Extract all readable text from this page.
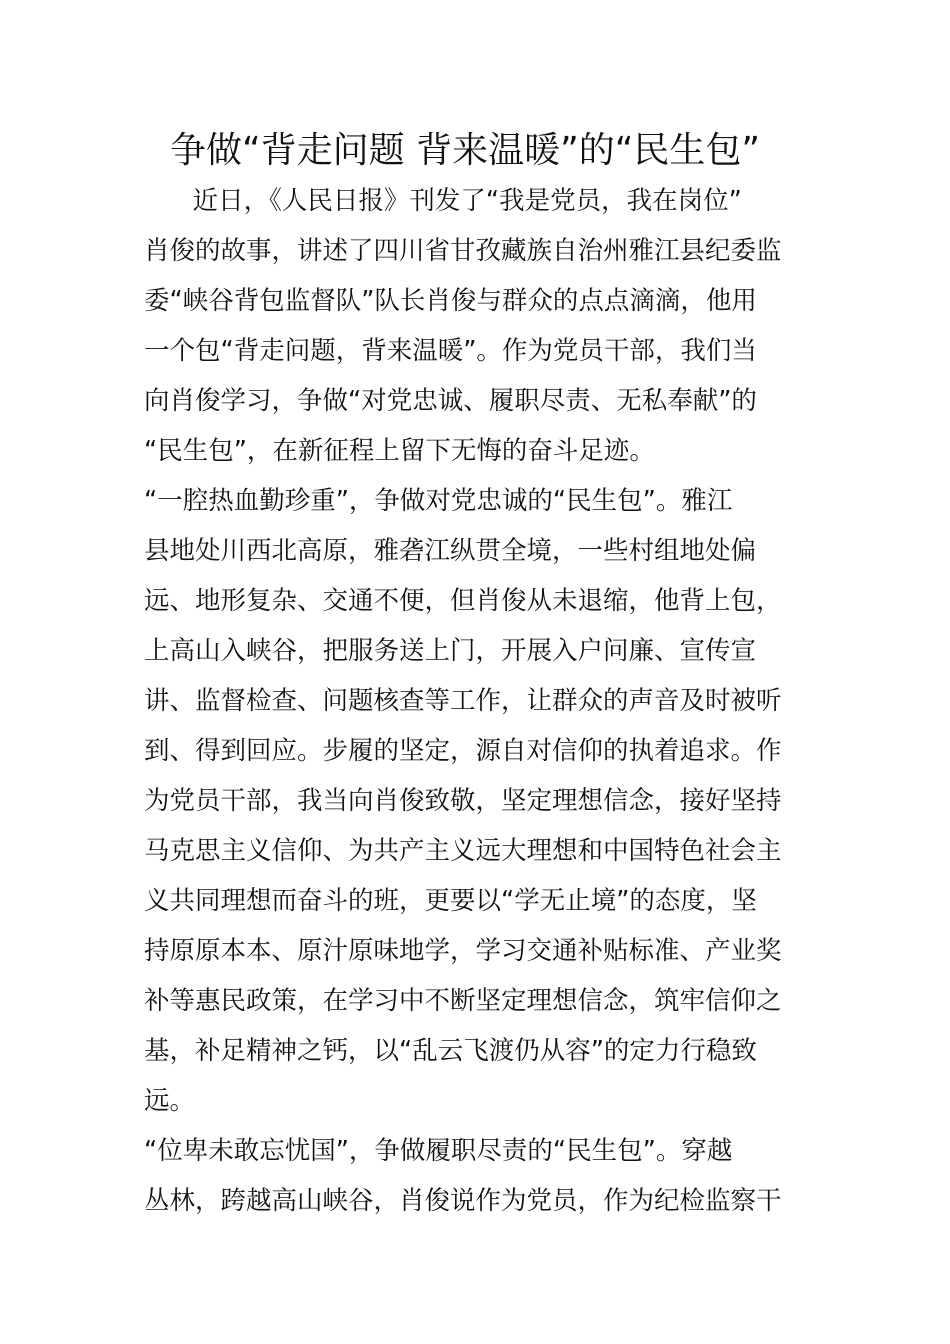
争做“背走问题 背来温暖”的“民生包”
近日，《人民日报》刊发了“我是党员，我在岗位”
肖俊的故事，讲述了四川省甘孜藏族自治州雅江县纪委监
委“峡谷背包监督队”队长肖俊与群众的点点滴滴，他用
一个包“背走问题，背来温暖”。作为党员干部，我们当
向肖俊学习，争做“对党忠诚、履职尽责、无私奉献”的
“民生包”，在新征程上留下无悔的奋斗足迹。
“一腔热血勤珍重”，争做对党忠诚的“民生包”。雅江
县地处川西北高原，雅砻江纵贯全境，一些村组地处偏
远、地形复杂、交通不便，但肖俊从未退缩，他背上包，
上高山入峡谷，把服务送上门，开展入户问廉、宣传宣
讲、监督检查、问题核查等工作，让群众的声音及时被听
到、得到回应。步履的坚定，源自对信仰的执着追求。作
为党员干部，我当向肖俊致敬，坚定理想信念，接好坚持
马克思主义信仰、为共产主义远大理想和中国特色社会主
义共同理想而奋斗的班，更要以“学无止境”的态度，坚
持原原本本、原汁原味地学，学习交通补贴标准、产业奖
补等惠民政策，在学习中不断坚定理想信念，筑牢信仰之
基，补足精神之钙，以“乱云飞渡仍从容”的定力行稳致
远。
“位卑未敢忘忧国”，争做履职尽责的“民生包”。穿越
丛林，跨越高山峡谷，肖俊说作为党员，作为纪检监察干
